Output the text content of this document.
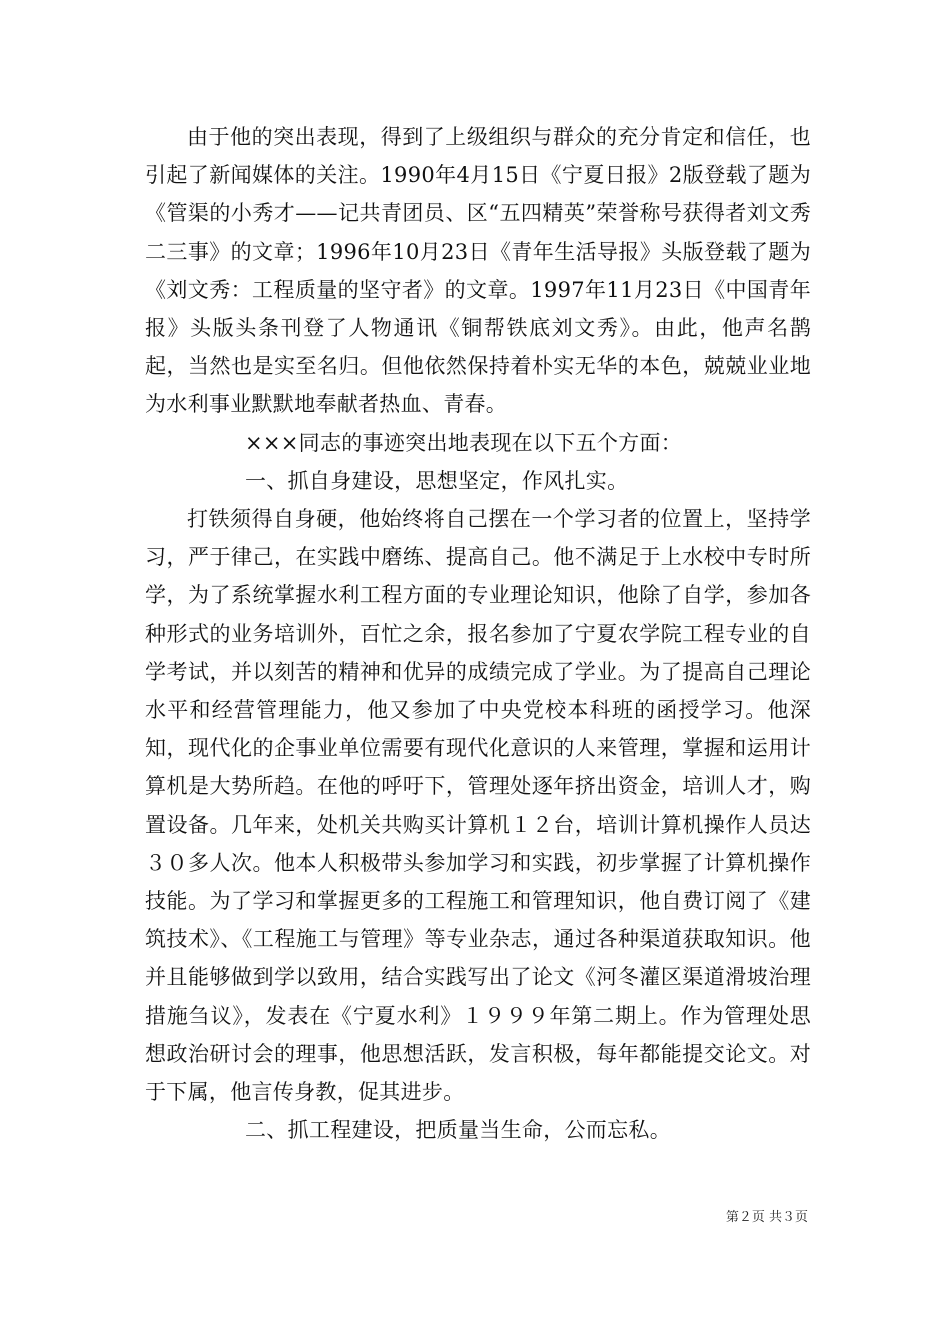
由于他的突出表现，得到了上级组织与群众的充分肯定和信任，也引起了新闻媒体的关注。1990年4月15日《宁夏日报》2版登载了题为《管渠的小秀才——记共青团员、区“五四精英”荣誉称号获得者刘文秀二三事》的文章；1996年10月23日《青年生活导报》头版登载了题为《刘文秀：工程质量的坚守者》的文章。1997年11月23日《中国青年报》头版头条刊登了人物通讯《铜帮铁底刘文秀》。由此，他声名鹊起，当然也是实至名归。但他依然保持着朴实无华的本色，兢兢业业地为水利事业默默地奉献者热血、青春。

×××同志的事迹突出地表现在以下五个方面：

一、抓自身建设，思想坚定，作风扎实。

打铁须得自身硬，他始终将自己摆在一个学习者的位置上，坚持学习，严于律己，在实践中磨练、提高自己。他不满足于上水校中专时所学，为了系统掌握水利工程方面的专业理论知识，他除了自学，参加各种形式的业务培训外，百忙之余，报名参加了宁夏农学院工程专业的自学考试，并以刻苦的精神和优异的成绩完成了学业。为了提高自己理论水平和经营管理能力，他又参加了中央党校本科班的函授学习。他深知，现代化的企事业单位需要有现代化意识的人来管理，掌握和运用计算机是大势所趋。在他的呼吁下，管理处逐年挤出资金，培训人才，购置设备。几年来，处机关共购买计算机１２台，培训计算机操作人员达３０多人次。他本人积极带头参加学习和实践，初步掌握了计算机操作技能。为了学习和掌握更多的工程施工和管理知识，他自费订阅了《建筑技术》、《工程施工与管理》等专业杂志，通过各种渠道获取知识。他并且能够做到学以致用，结合实践写出了论文《河冬灌区渠道滑坡治理措施刍议》，发表在《宁夏水利》１９９９年第二期上。作为管理处思想政治研讨会的理事，他思想活跃，发言积极，每年都能提交论文。对于下属，他言传身教，促其进步。

二、抓工程建设，把质量当生命，公而忘私。

第２页 共３页
